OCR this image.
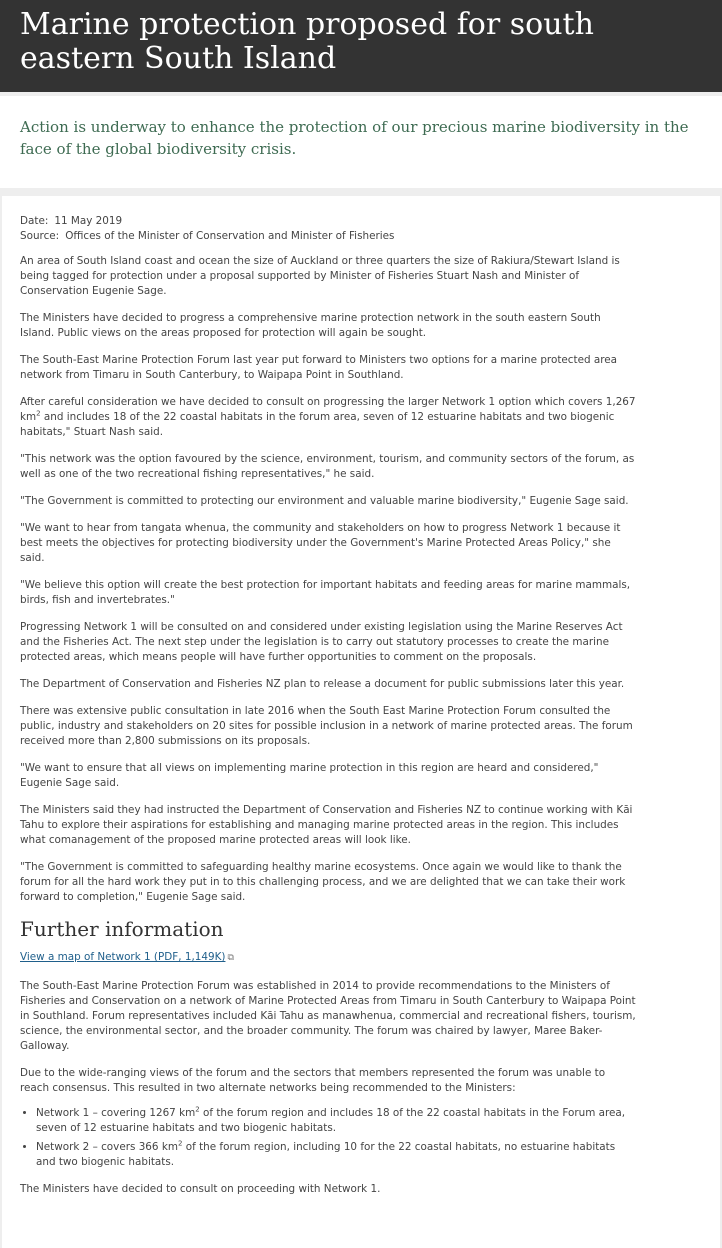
Marine protection proposed for south eastern South Island

Action is underway to enhance the protection of our precious marine biodiversity in the face of the global biodiversity crisis.

Date: 11 May 2019
Source: Offices of the Minister of Conservation and Minister of Fisheries

An area of South Island coast and ocean the size of Auckland or three quarters the size of Rakiura/Stewart Island is being tagged for protection under a proposal supported by Minister of Fisheries Stuart Nash and Minister of Conservation Eugenie Sage.

The Ministers have decided to progress a comprehensive marine protection network in the south eastern South Island. Public views on the areas proposed for protection will again be sought.

The South-East Marine Protection Forum last year put forward to Ministers two options for a marine protected area network from Timaru in South Canterbury, to Waipapa Point in Southland.

After careful consideration we have decided to consult on progressing the larger Network 1 option which covers 1,267 $km^2$ and includes 18 of the 22 coastal habitats in the forum area, seven of 12 estuarine habitats and two biogenic habitats," Stuart Nash said.

"This network was the option favoured by the science, environment, tourism, and community sectors of the forum, as well as one of the two recreational fishing representatives," he said.

"The Government is committed to protecting our environment and valuable marine biodiversity," Eugenie Sage said.

"We want to hear from tangata whenua, the community and stakeholders on how to progress Network 1 because it best meets the objectives for protecting biodiversity under the Government's Marine Protected Areas Policy," she said.

"We believe this option will create the best protection for important habitats and feeding areas for marine mammals, birds, fish and invertebrates."

Progressing Network 1 will be consulted on and considered under existing legislation using the Marine Reserves Act and the Fisheries Act. The next step under the legislation is to carry out statutory processes to create the marine protected areas, which means people will have further opportunities to comment on the proposals.

The Department of Conservation and Fisheries NZ plan to release a document for public submissions later this year.

There was extensive public consultation in late 2016 when the South East Marine Protection Forum consulted the public, industry and stakeholders on 20 sites for possible inclusion in a network of marine protected areas. The forum received more than 2,800 submissions on its proposals.

"We want to ensure that all views on implementing marine protection in this region are heard and considered," Eugenie Sage said.

The Ministers said they had instructed the Department of Conservation and Fisheries NZ to continue working with Kāi Tahu to explore their aspirations for establishing and managing marine protected areas in the region. This includes what comanagement of the proposed marine protected areas will look like.

"The Government is committed to safeguarding healthy marine ecosystems. Once again we would like to thank the forum for all the hard work they put in to this challenging process, and we are delighted that we can take their work forward to completion," Eugenie Sage said.

Further information
View a map of Network 1 (PDF, 1,149K) ⧉

The South-East Marine Protection Forum was established in 2014 to provide recommendations to the Ministers of Fisheries and Conservation on a network of Marine Protected Areas from Timaru in South Canterbury to Waipapa Point in Southland. Forum representatives included Kāi Tahu as manawhenua, commercial and recreational fishers, tourism, science, the environmental sector, and the broader community. The forum was chaired by lawyer, Maree Baker-Galloway.

Due to the wide-ranging views of the forum and the sectors that members represented the forum was unable to reach consensus. This resulted in two alternate networks being recommended to the Ministers:

• Network 1 – covering 1267 $km^2$ of the forum region and includes 18 of the 22 coastal habitats in the Forum area, seven of 12 estuarine habitats and two biogenic habitats.
• Network 2 – covers 366 $km^2$ of the forum region, including 10 for the 22 coastal habitats, no estuarine habitats and two biogenic habitats.

The Ministers have decided to consult on proceeding with Network 1.
